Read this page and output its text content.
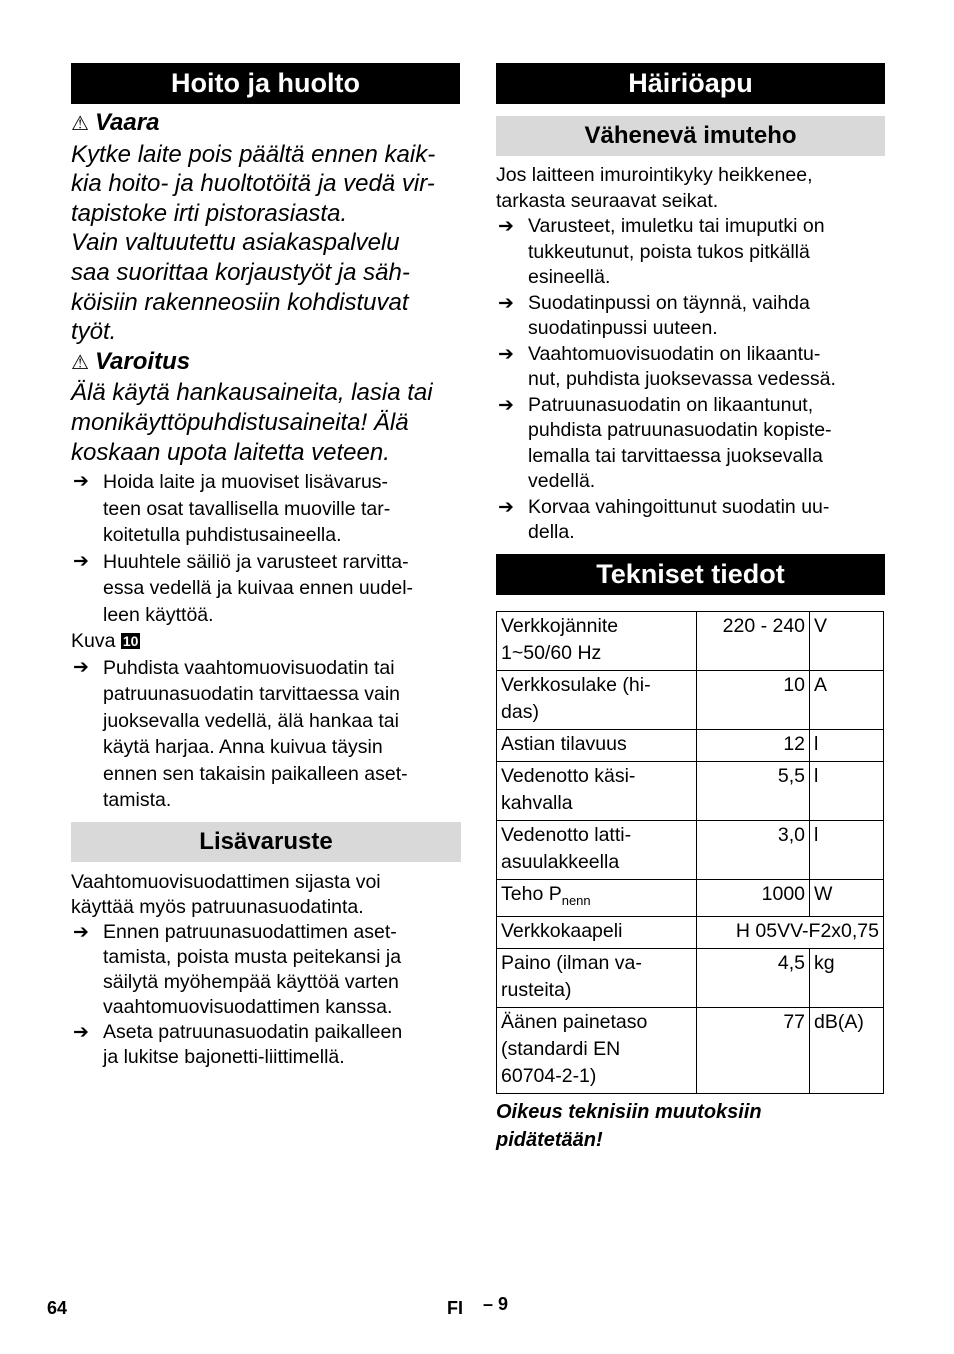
Hoito ja huolto
⚠ Vaara
Kytke laite pois päältä ennen kaik-
kia hoito- ja huoltotöitä ja vedä vir-
tapistoke irti pistorasiasta.
Vain valtuutettu asiakaspalvelu
saa suorittaa korjaustyöt ja säh-
köisiin rakenneosiin kohdistuvat
työt.
⚠ Varoitus
Älä käytä hankausaineita, lasia tai
monikäyttöpuhdistusaineita! Älä
koskaan upota laitetta veteen.
➔ Hoida laite ja muoviset lisävarus-
teen osat tavallisella muoville tar-
koitetulla puhdistusaineella.
➔ Huuhtele säiliö ja varusteet rarvitta-
essa vedellä ja kuivaa ennen uudel-
leen käyttöä.
Kuva 10
➔ Puhdista vaahtomuovisuodatin tai
patruunasuodatin tarvittaessa vain
juoksevalla vedellä, älä hankaa tai
käytä harjaa. Anna kuivua täysin
ennen sen takaisin paikalleen aset-
tamista.
Lisävaruste
Vaahtomuovisuodattimen sijasta voi
käyttää myös patruunasuodatinta.
➔ Ennen patruunasuodattimen aset-
tamista, poista musta peitekansi ja
säilytä myöhempää käyttöä varten
vaahtomuovisuodattimen kanssa.
➔ Aseta patruunasuodatin paikalleen
ja lukitse bajonetti-liittimellä.
Häiriöapu
Vähenevä imuteho
Jos laitteen imurointikyky heikkenee,
tarkasta seuraavat seikat.
➔ Varusteet, imuletku tai imuputki on
tukkeutunut, poista tukos pitkällä
esineellä.
➔ Suodatinpussi on täynnä, vaihda
suodatinpussi uuteen.
➔ Vaahtomuovisuodatin on likaantu-
nut, puhdista juoksevassa vedessä.
➔ Patruunasuodatin on likaantunut,
puhdista patruunasuodatin kopiste-
lemalla tai tarvittaessa juoksevalla
vedellä.
➔ Korvaa vahingoittunut suodatin uu-
della.
Tekniset tiedot
Verkkojännite
1~50/60 Hz	220 - 240	V

Verkkosulake (hi-
das)	10	A

Astian tilavuus	12	l

Vedenotto käsi-
kahvalla	5,5	l

Vedenotto latti-
asuulakkeella	3,0	l

Teho $P_{nenn}$	1000	W

Verkkokaapeli	H 05VV-F2x0,75	

Paino (ilman va-
rusteita)	4,5	kg

Äänen painetaso
(standardi EN
60704-2-1)	77	dB(A)
Oikeus teknisiin muutoksiin
pidätetään!
64	FI – 9
